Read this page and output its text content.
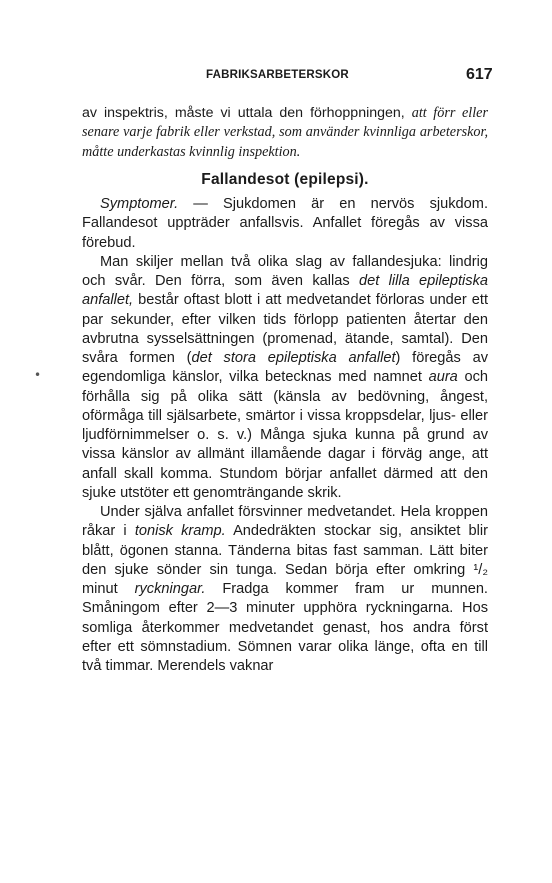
FABRIKSARBETERSKOR	617

av inspektris, måste vi uttala den förhoppningen, att förr eller senare varje fabrik eller verkstad, som använder kvinnliga arbeterskor, måtte underkastas kvinnlig inspektion.

Fallandesot (epilepsi).

Symptomer. — Sjukdomen är en nervös sjukdom. Fallandesot uppträder anfallsvis. Anfallet föregås av vissa förebud.

Man skiljer mellan två olika slag av fallandesjuka: lindrig och svår. Den förra, som även kallas det lilla epileptiska anfallet, består oftast blott i att medvetandet förloras under ett par sekunder, efter vilken tids förlopp patienten återtar den avbrutna sysselsättningen (promenad, ätande, samtal). Den svåra formen (det stora epileptiska anfallet) föregås av egendomliga känslor, vilka betecknas med namnet aura och förhålla sig på olika sätt (känsla av bedövning, ångest, oförmåga till själsarbete, smärtor i vissa kroppsdelar, ljus- eller ljudförnimmelser o. s. v.) Många sjuka kunna på grund av vissa känslor av allmänt illamående dagar i förväg ange, att anfall skall komma. Stundom börjar anfallet därmed att den sjuke utstöter ett genomträngande skrik.

Under själva anfallet försvinner medvetandet. Hela kroppen råkar i tonisk kramp. Andedräkten stockar sig, ansiktet blir blått, ögonen stanna. Tänderna bitas fast samman. Lätt biter den sjuke sönder sin tunga. Sedan börja efter omkring ¹/₂ minut ryckningar. Fradga kommer fram ur munnen. Småningom efter 2—3 minuter upphöra ryckningarna. Hos somliga återkommer medvetandet genast, hos andra först efter ett sömnstadium. Sömnen varar olika länge, ofta en till två timmar. Merendels vaknar

•
